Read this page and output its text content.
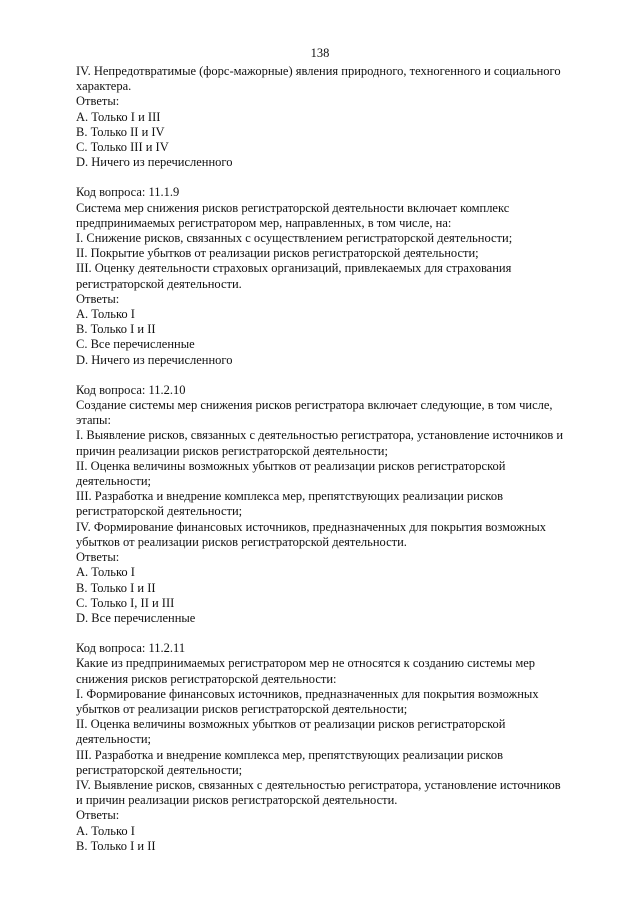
138
IV. Непредотвратимые (форс-мажорные) явления природного, техногенного и социального
характера.
Ответы:
A. Только I и III
B. Только II и IV
C. Только III и IV
D. Ничего из перечисленного
Код вопроса: 11.1.9
Система мер снижения рисков регистраторской деятельности включает комплекс
предпринимаемых регистратором мер, направленных, в том числе, на:
I. Снижение рисков, связанных с осуществлением регистраторской деятельности;
II. Покрытие убытков от реализации рисков регистраторской деятельности;
III. Оценку деятельности страховых организаций, привлекаемых для страхования
регистраторской деятельности.
Ответы:
A. Только I
B. Только I и II
C. Все перечисленные
D. Ничего из перечисленного
Код вопроса: 11.2.10
Создание системы мер снижения рисков регистратора включает следующие, в том числе,
этапы:
I. Выявление рисков, связанных с деятельностью регистратора, установление источников и
причин реализации рисков регистраторской деятельности;
II. Оценка величины возможных убытков от реализации рисков регистраторской
деятельности;
III. Разработка и внедрение комплекса мер, препятствующих реализации рисков
регистраторской деятельности;
IV. Формирование финансовых источников, предназначенных для покрытия возможных
убытков от реализации рисков регистраторской деятельности.
Ответы:
A. Только I
B. Только I и II
C. Только I, II и III
D. Все перечисленные
Код вопроса: 11.2.11
Какие из предпринимаемых регистратором мер не относятся к созданию системы мер
снижения рисков регистраторской деятельности:
I. Формирование финансовых источников, предназначенных для покрытия возможных
убытков от реализации рисков регистраторской деятельности;
II. Оценка величины возможных убытков от реализации рисков регистраторской
деятельности;
III. Разработка и внедрение комплекса мер, препятствующих реализации рисков
регистраторской деятельности;
IV. Выявление рисков, связанных с деятельностью регистратора, установление источников
и причин реализации рисков регистраторской деятельности.
Ответы:
A. Только I
B. Только I и II
